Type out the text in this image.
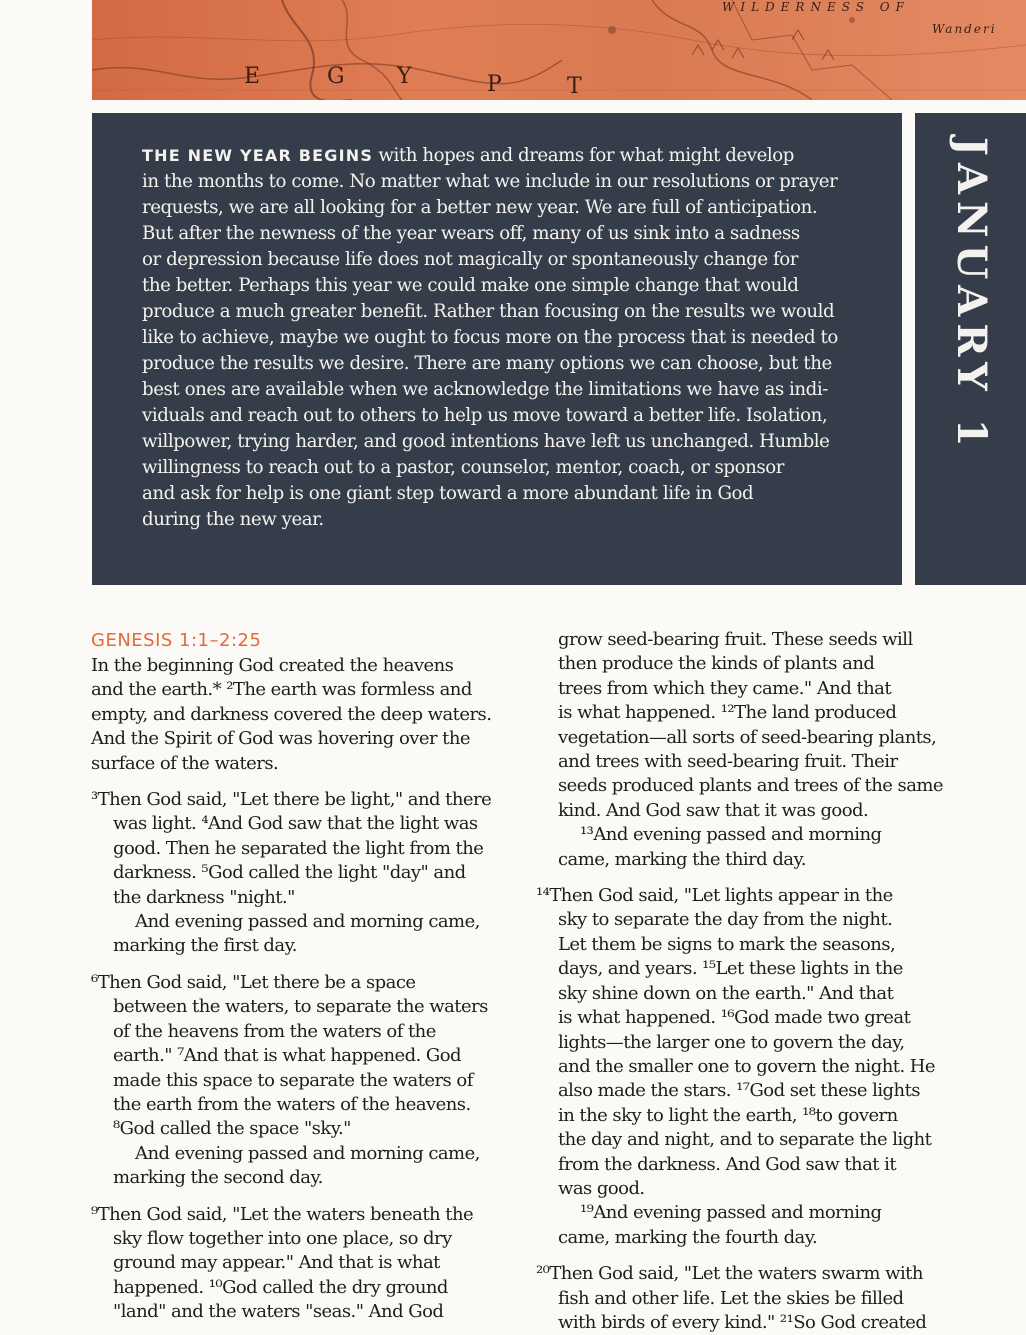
E	G Y	P	T
WILDERNESS OF
Wanderi
THE NEW YEAR BEGINS with hopes and dreams for what might develop
in the months to come. No matter what we include in our resolutions or prayer
requests, we are all looking for a better new year. We are full of anticipation.
But after the newness of the year wears off, many of us sink into a sadness
or depression because life does not magically or spontaneously change for
the better. Perhaps this year we could make one simple change that would
produce a much greater benefit. Rather than focusing on the results we would
like to achieve, maybe we ought to focus more on the process that is needed to
produce the results we desire. There are many options we can choose, but the
best ones are available when we acknowledge the limitations we have as indi-
viduals and reach out to others to help us move toward a better life. Isolation,
willpower, trying harder, and good intentions have left us unchanged. Humble
willingness to reach out to a pastor, counselor, mentor, coach, or sponsor
and ask for help is one giant step toward a more abundant life in God
during the new year.
JANUARY 1

GENESIS 1:1–2:25

In the beginning God created the heavens
and the earth.* ²The earth was formless and
empty, and darkness covered the deep waters.
And the Spirit of God was hovering over the
surface of the waters.
³Then God said, "Let there be light," and there
was light. ⁴And God saw that the light was
good. Then he separated the light from the
darkness. ⁵God called the light "day" and
the darkness "night."
And evening passed and morning came,
marking the first day.
⁶Then God said, "Let there be a space
between the waters, to separate the waters
of the heavens from the waters of the
earth." ⁷And that is what happened. God
made this space to separate the waters of
the earth from the waters of the heavens.
⁸God called the space "sky."
And evening passed and morning came,
marking the second day.
⁹Then God said, "Let the waters beneath the
sky flow together into one place, so dry
ground may appear." And that is what
happened. ¹⁰God called the dry ground
"land" and the waters "seas." And God
grow seed-bearing fruit. These seeds will
then produce the kinds of plants and
trees from which they came." And that
is what happened. ¹²The land produced
vegetation—all sorts of seed-bearing plants,
and trees with seed-bearing fruit. Their
seeds produced plants and trees of the same
kind. And God saw that it was good.
¹³And evening passed and morning
came, marking the third day.
¹⁴Then God said, "Let lights appear in the
sky to separate the day from the night.
Let them be signs to mark the seasons,
days, and years. ¹⁵Let these lights in the
sky shine down on the earth." And that
is what happened. ¹⁶God made two great
lights—the larger one to govern the day,
and the smaller one to govern the night. He
also made the stars. ¹⁷God set these lights
in the sky to light the earth, ¹⁸to govern
the day and night, and to separate the light
from the darkness. And God saw that it
was good.
¹⁹And evening passed and morning
came, marking the fourth day.
²⁰Then God said, "Let the waters swarm with
fish and other life. Let the skies be filled
with birds of every kind." ²¹So God created
